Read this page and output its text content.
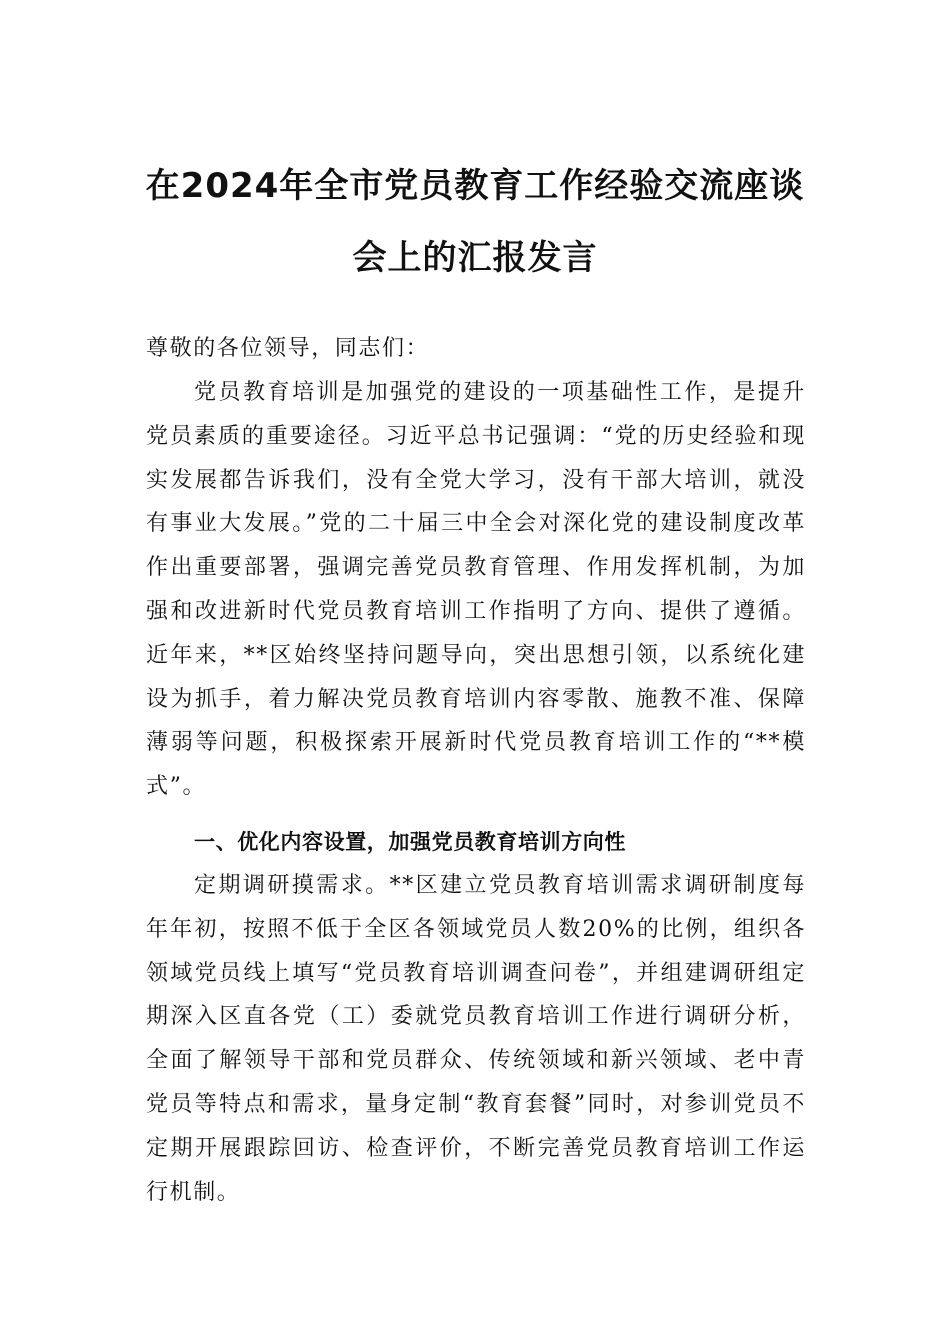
在2024年全市党员教育工作经验交流座谈
会上的汇报发言
尊敬的各位领导，同志们：
党员教育培训是加强党的建设的一项基础性工作，是提升党员素质的重要途径。习近平总书记强调：“党的历史经验和现实发展都告诉我们，没有全党大学习，没有干部大培训，就没有事业大发展。”党的二十届三中全会对深化党的建设制度改革作出重要部署，强调完善党员教育管理、作用发挥机制，为加强和改进新时代党员教育培训工作指明了方向、提供了遵循。近年来，**区始终坚持问题导向，突出思想引领，以系统化建设为抓手，着力解决党员教育培训内容零散、施教不准、保障薄弱等问题，积极探索开展新时代党员教育培训工作的“**模式”。
一、优化内容设置，加强党员教育培训方向性
定期调研摸需求。**区建立党员教育培训需求调研制度每年年初，按照不低于全区各领域党员人数20%的比例，组织各领域党员线上填写“党员教育培训调查问卷”，并组建调研组定期深入区直各党（工）委就党员教育培训工作进行调研分析，全面了解领导干部和党员群众、传统领域和新兴领域、老中青党员等特点和需求，量身定制“教育套餐”同时，对参训党员不定期开展跟踪回访、检查评价，不断完善党员教育培训工作运行机制。
